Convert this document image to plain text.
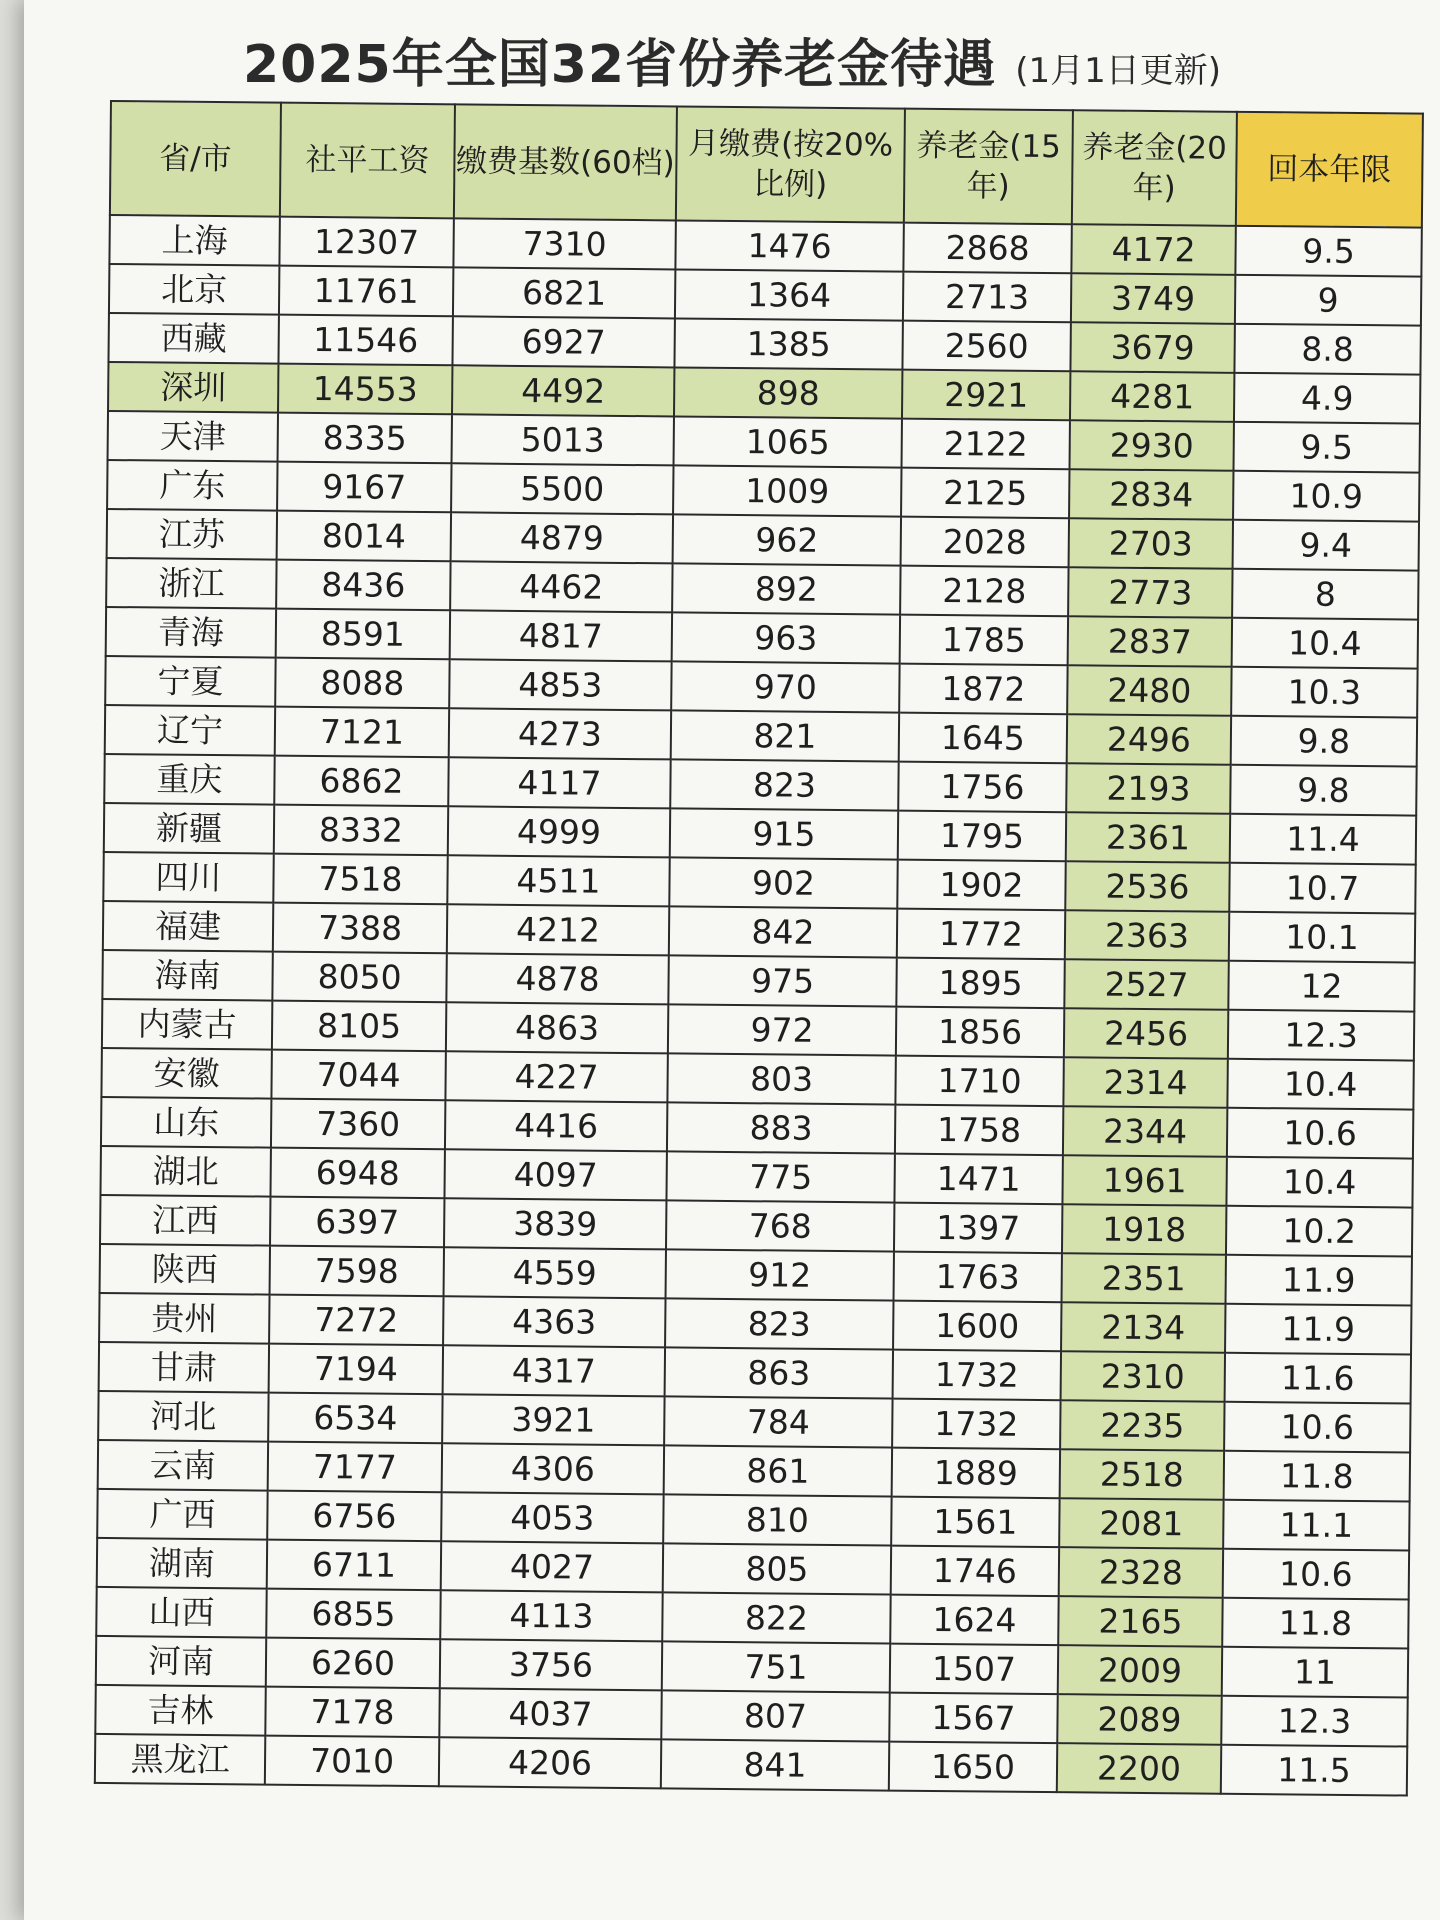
2025年全国32省份养老金待遇 (1月1日更新)
省/市	社平工资	缴费基数(60档)	月缴费(按20%比例)	养老金(15年)	养老金(20年)	回本年限
上海	12307	7310	1476	2868	4172	9.5
北京	11761	6821	1364	2713	3749	9
西藏	11546	6927	1385	2560	3679	8.8
深圳	14553	4492	898	2921	4281	4.9
天津	8335	5013	1065	2122	2930	9.5
广东	9167	5500	1009	2125	2834	10.9
江苏	8014	4879	962	2028	2703	9.4
浙江	8436	4462	892	2128	2773	8
青海	8591	4817	963	1785	2837	10.4
宁夏	8088	4853	970	1872	2480	10.3
辽宁	7121	4273	821	1645	2496	9.8
重庆	6862	4117	823	1756	2193	9.8
新疆	8332	4999	915	1795	2361	11.4
四川	7518	4511	902	1902	2536	10.7
福建	7388	4212	842	1772	2363	10.1
海南	8050	4878	975	1895	2527	12
内蒙古	8105	4863	972	1856	2456	12.3
安徽	7044	4227	803	1710	2314	10.4
山东	7360	4416	883	1758	2344	10.6
湖北	6948	4097	775	1471	1961	10.4
江西	6397	3839	768	1397	1918	10.2
陕西	7598	4559	912	1763	2351	11.9
贵州	7272	4363	823	1600	2134	11.9
甘肃	7194	4317	863	1732	2310	11.6
河北	6534	3921	784	1732	2235	10.6
云南	7177	4306	861	1889	2518	11.8
广西	6756	4053	810	1561	2081	11.1
湖南	6711	4027	805	1746	2328	10.6
山西	6855	4113	822	1624	2165	11.8
河南	6260	3756	751	1507	2009	11
吉林	7178	4037	807	1567	2089	12.3
黑龙江	7010	4206	841	1650	2200	11.5
